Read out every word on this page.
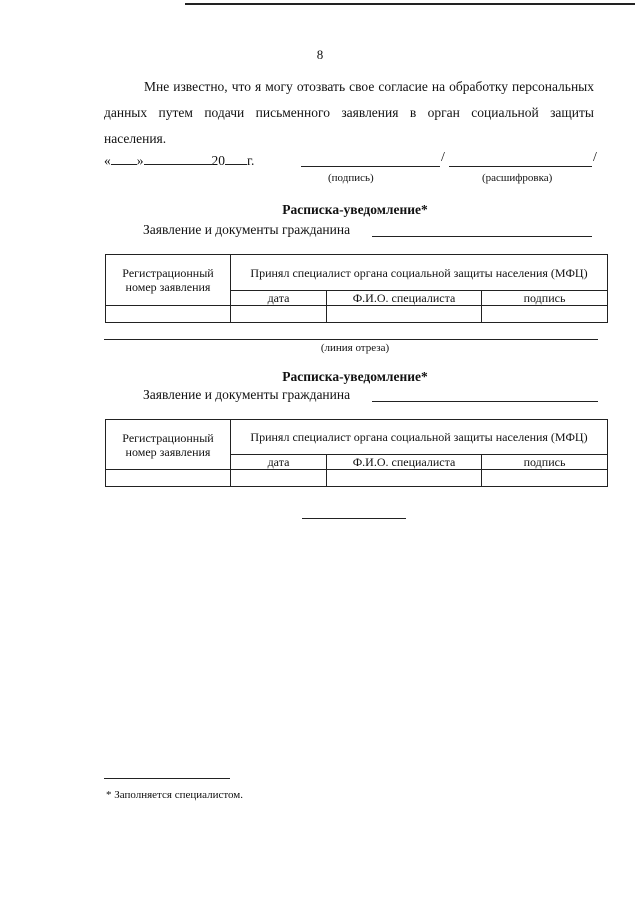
8
Мне известно, что я могу отозвать свое согласие на обработку персональных данных путем подачи письменного заявления в орган социальной защиты населения.
« »	20 г.	/	/
(подпись)	(расшифровка)
Расписка-уведомление*
Заявление и документы гражданина
Регистрационный номер заявления	Принял специалист органа социальной защиты населения (МФЦ)		
	дата	Ф.И.О. специалиста	подпись

(линия отреза)
Расписка-уведомление*
Заявление и документы гражданина
Регистрационный номер заявления	Принял специалист органа социальной защиты населения (МФЦ)		
	дата	Ф.И.О. специалиста	подпись

* Заполняется специалистом.
